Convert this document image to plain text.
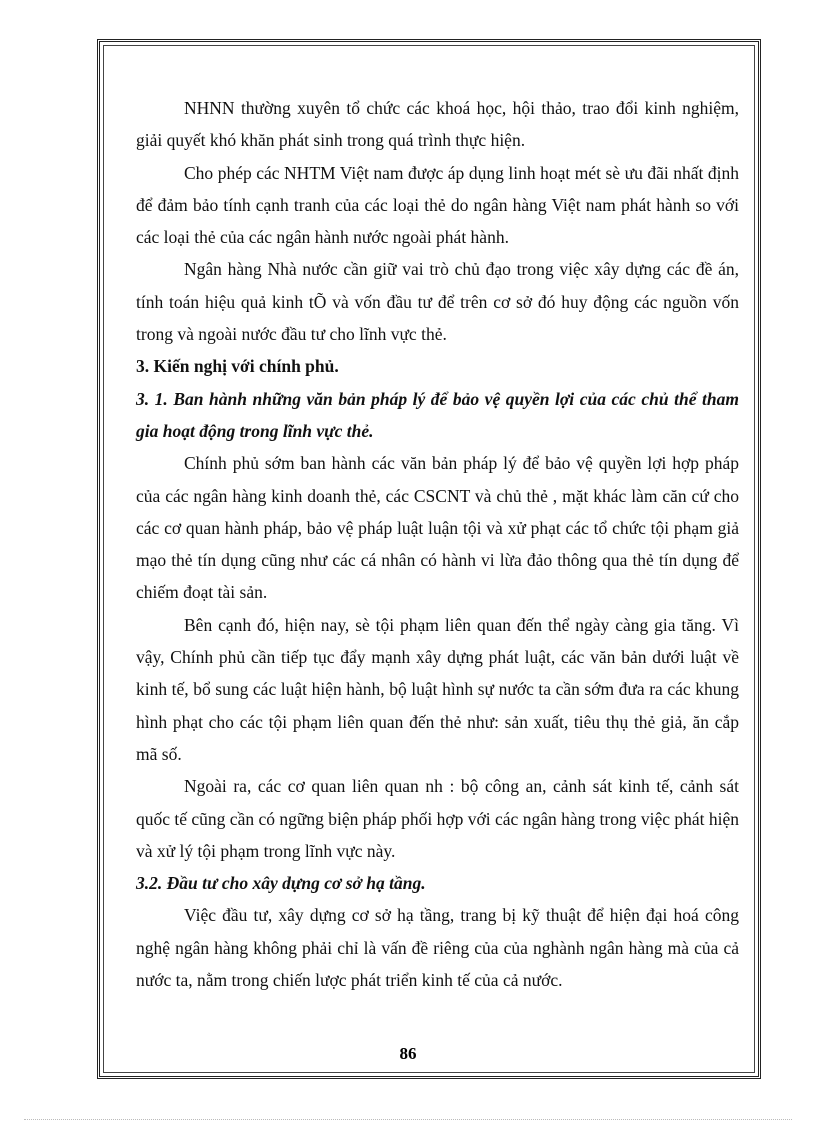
NHNN thường xuyên tổ chức các khoá học, hội thảo, trao đổi kinh nghiệm, giải quyết khó khăn phát sinh trong quá trình thực hiện.

Cho phép các NHTM Việt nam được áp dụng linh hoạt mét sè ưu đãi nhất định để đảm bảo tính cạnh tranh của các loại thẻ do ngân hàng Việt nam phát hành so với các loại thẻ của các ngân hành nước ngoài phát hành.

Ngân hàng Nhà nước cần giữ vai trò chủ đạo trong việc xây dựng các đề án, tính toán hiệu quả kinh tÕ và vốn đầu tư để trên cơ sở đó huy động các nguồn vốn trong và ngoài nước đầu tư cho lĩnh vực thẻ.

3. Kiến nghị với chính phủ.

3. 1. Ban hành những văn bản pháp lý để bảo vệ quyền lợi của các chủ thể tham gia hoạt động trong lĩnh vực thẻ.

Chính phủ sớm ban hành các văn bản pháp lý để bảo vệ quyền lợi hợp pháp của các ngân hàng kinh doanh thẻ, các CSCNT và chủ thẻ , mặt khác làm căn cứ cho các cơ quan hành pháp, bảo vệ pháp luật luận tội và xử phạt các tổ chức tội phạm giả mạo thẻ tín dụng cũng như các cá nhân có hành vi lừa đảo thông qua thẻ tín dụng để chiếm đoạt tài sản.

Bên cạnh đó, hiện nay, sè tội phạm liên quan đến thể ngày càng gia tăng. Vì vậy, Chính phủ cần tiếp tục đẩy mạnh xây dựng phát luật, các văn bản dưới luật về kinh tế, bổ sung các luật hiện hành, bộ luật hình sự nước ta cần sớm đưa ra các khung hình phạt cho các tội phạm liên quan đến thẻ như: sản xuất, tiêu thụ thẻ giả, ăn cắp mã số.

Ngoài ra, các cơ quan liên quan nh : bộ công an, cảnh sát kinh tế, cảnh sát quốc tế cũng cần có ngững biện pháp phối hợp với các ngân hàng trong việc phát hiện và xử lý tội phạm trong lĩnh vực này.

3.2. Đầu tư cho xây dựng cơ sở hạ tầng.

Việc đầu tư, xây dựng cơ sở hạ tầng, trang bị kỹ thuật để hiện đại hoá công nghệ ngân hàng không phải chỉ là vấn đề riêng của của nghành ngân hàng mà của cả nước ta, nằm trong chiến lược phát triển kinh tế của cả nước.

86
